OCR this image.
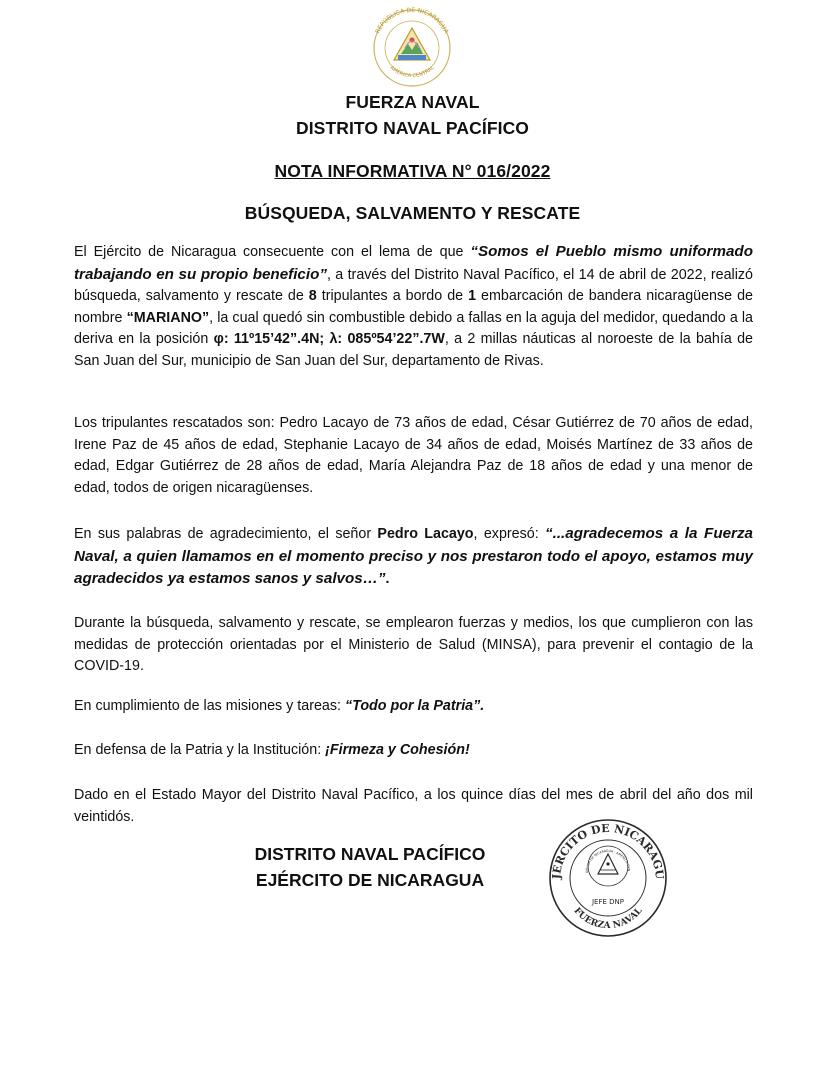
REPÚBLICA DE NICARAGUA
AMÉRICA CENTRAL
FUERZA NAVAL
DISTRITO NAVAL PACÍFICO
NOTA INFORMATIVA N° 016/2022
BÚSQUEDA, SALVAMENTO Y RESCATE

El Ejército de Nicaragua consecuente con el lema de que “Somos el Pueblo mismo uniformado trabajando en su propio beneficio”, a través del Distrito Naval Pacífico, el 14 de abril de 2022, realizó búsqueda, salvamento y rescate de 8 tripulantes a bordo de 1 embarcación de bandera nicaragüense de nombre “MARIANO”, la cual quedó sin combustible debido a fallas en la aguja del medidor, quedando a la deriva en la posición φ: 11º15’42”.4N; λ: 085º54’22”.7W, a 2 millas náuticas al noroeste de la bahía de San Juan del Sur, municipio de San Juan del Sur, departamento de Rivas.

Los tripulantes rescatados son: Pedro Lacayo de 73 años de edad, César Gutiérrez de 70 años de edad, Irene Paz de 45 años de edad, Stephanie Lacayo de 34 años de edad, Moisés Martínez de 33 años de edad, Edgar Gutiérrez de 28 años de edad, María Alejandra Paz de 18 años de edad y una menor de edad, todos de origen nicaragüenses.

En sus palabras de agradecimiento, el señor Pedro Lacayo, expresó: “...agradecemos a la Fuerza Naval, a quien llamamos en el momento preciso y nos prestaron todo el apoyo, estamos muy agradecidos ya estamos sanos y salvos…”.

Durante la búsqueda, salvamento y rescate, se emplearon fuerzas y medios, los que cumplieron con las medidas de protección orientadas por el Ministerio de Salud (MINSA), para prevenir el contagio de la COVID-19.

En cumplimiento de las misiones y tareas: “Todo por la Patria”.

En defensa de la Patria y la Institución: ¡Firmeza y Cohesión!

Dado en el Estado Mayor del Distrito Naval Pacífico, a los quince días del mes de abril del año dos mil veintidós.

DISTRITO NAVAL PACÍFICO
EJÉRCITO DE NICARAGUA	JÉRCITO DE NICARAGU
FUERZA NAVAL
ÚBLICA DE NICARAGUA · AMÉRICA CEN
JEFE DNP
